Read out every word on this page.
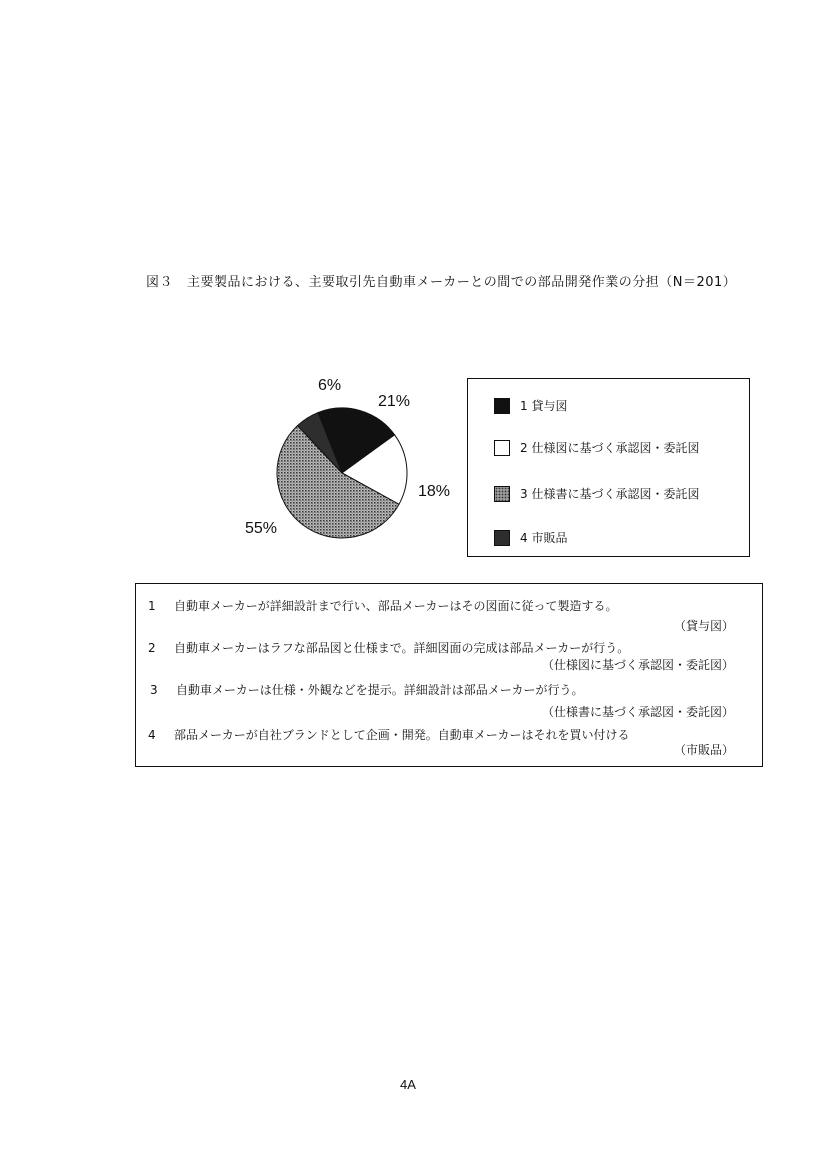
図３ 主要製品における、主要取引先自動車メーカーとの間での部品開発作業の分担（N＝201）
21%
18%
55%
6%
1 貸与図
2 仕様図に基づく承認図・委託図
3 仕様書に基づく承認図・委託図
4 市販品
1 自動車メーカーが詳細設計まで行い、部品メーカーはその図面に従って製造する。
（貸与図）
2 自動車メーカーはラフな部品図と仕様まで。詳細図面の完成は部品メーカーが行う。
（仕様図に基づく承認図・委託図）
3 自動車メーカーは仕様・外観などを提示。詳細設計は部品メーカーが行う。
（仕様書に基づく承認図・委託図）
4 部品メーカーが自社ブランドとして企画・開発。自動車メーカーはそれを買い付ける
（市販品）
4A
